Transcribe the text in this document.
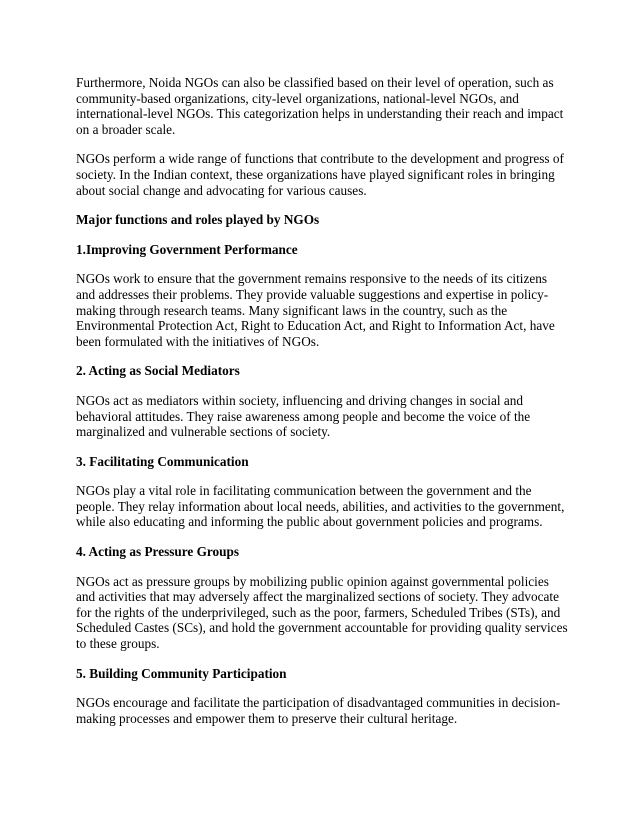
Furthermore, Noida NGOs can also be classified based on their level of operation, such as community-based organizations, city-level organizations, national-level NGOs, and international-level NGOs. This categorization helps in understanding their reach and impact on a broader scale.

NGOs perform a wide range of functions that contribute to the development and progress of society. In the Indian context, these organizations have played significant roles in bringing about social change and advocating for various causes.

Major functions and roles played by NGOs
1.Improving Government Performance

NGOs work to ensure that the government remains responsive to the needs of its citizens and addresses their problems. They provide valuable suggestions and expertise in policy-making through research teams. Many significant laws in the country, such as the Environmental Protection Act, Right to Education Act, and Right to Information Act, have been formulated with the initiatives of NGOs.

2. Acting as Social Mediators

NGOs act as mediators within society, influencing and driving changes in social and behavioral attitudes. They raise awareness among people and become the voice of the marginalized and vulnerable sections of society.

3. Facilitating Communication

NGOs play a vital role in facilitating communication between the government and the people. They relay information about local needs, abilities, and activities to the government, while also educating and informing the public about government policies and programs.

4. Acting as Pressure Groups

NGOs act as pressure groups by mobilizing public opinion against governmental policies and activities that may adversely affect the marginalized sections of society. They advocate for the rights of the underprivileged, such as the poor, farmers, Scheduled Tribes (STs), and Scheduled Castes (SCs), and hold the government accountable for providing quality services to these groups.

5. Building Community Participation

NGOs encourage and facilitate the participation of disadvantaged communities in decision-making processes and empower them to preserve their cultural heritage.
